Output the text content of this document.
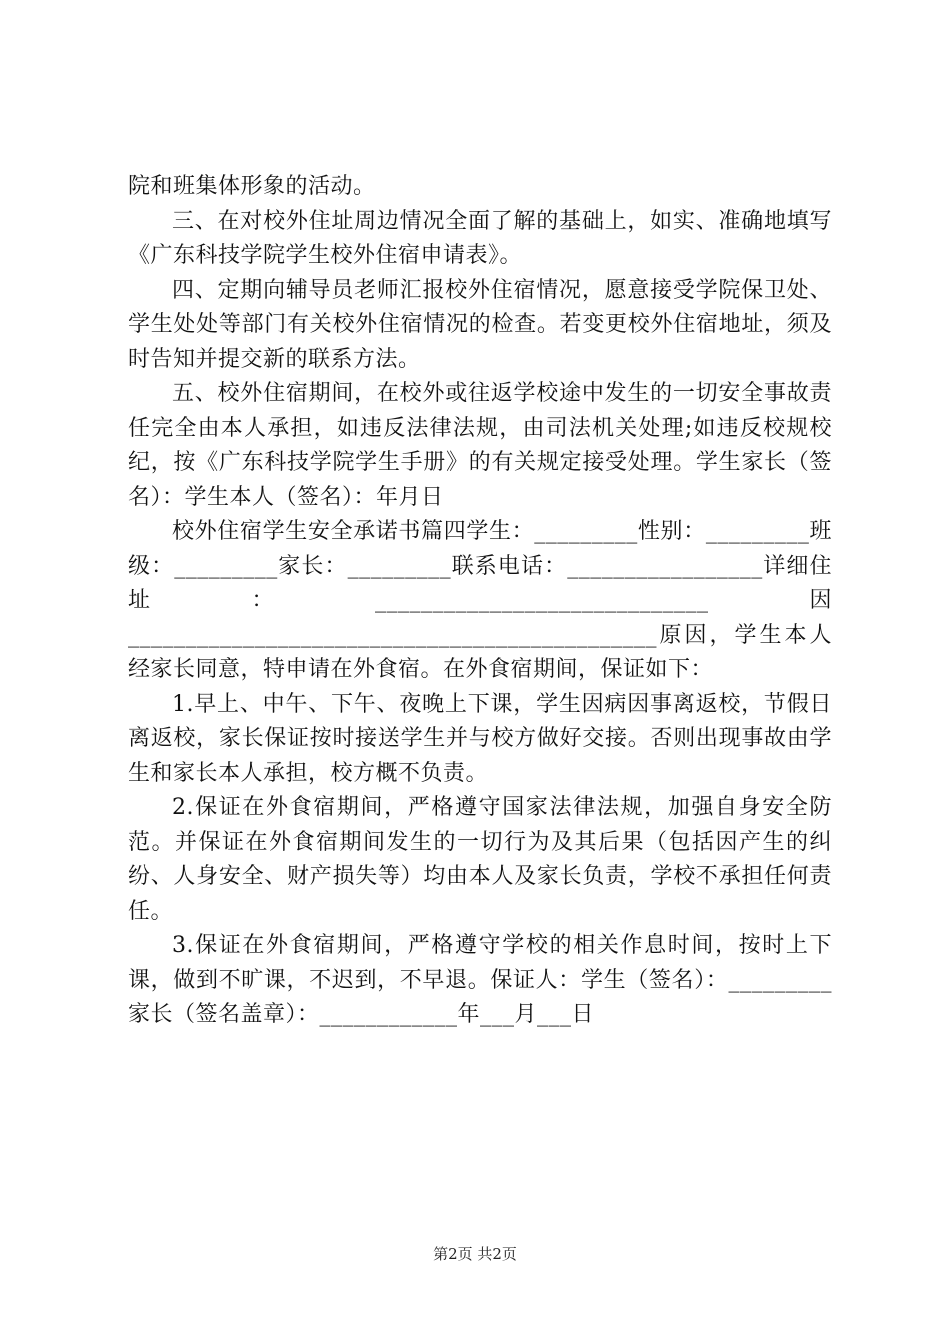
院和班集体形象的活动。

三、在对校外住址周边情况全面了解的基础上，如实、准确地填写《广东科技学院学生校外住宿申请表》。

四、定期向辅导员老师汇报校外住宿情况，愿意接受学院保卫处、学生处处等部门有关校外住宿情况的检查。若变更校外住宿地址，须及时告知并提交新的联系方法。

五、校外住宿期间，在校外或往返学校途中发生的一切安全事故责任完全由本人承担，如违反法律法规，由司法机关处理;如违反校规校纪，按《广东科技学院学生手册》的有关规定接受处理。学生家长（签名）：学生本人（签名）：年月日

校外住宿学生安全承诺书篇四学生：_________性别：_________班级：_________家长：_________联系电话：_________________详细住址：_____________________________因______________________________________________原因，学生本人经家长同意，特申请在外食宿。在外食宿期间，保证如下：

1.早上、中午、下午、夜晚上下课，学生因病因事离返校，节假日离返校，家长保证按时接送学生并与校方做好交接。否则出现事故由学生和家长本人承担，校方概不负责。

2.保证在外食宿期间，严格遵守国家法律法规，加强自身安全防范。并保证在外食宿期间发生的一切行为及其后果（包括因产生的纠纷、人身安全、财产损失等）均由本人及家长负责，学校不承担任何责任。

3.保证在外食宿期间，严格遵守学校的相关作息时间，按时上下课，做到不旷课，不迟到，不早退。保证人：学生（签名）：_________家长（签名盖章）：____________年___月___日

第2页 共2页
